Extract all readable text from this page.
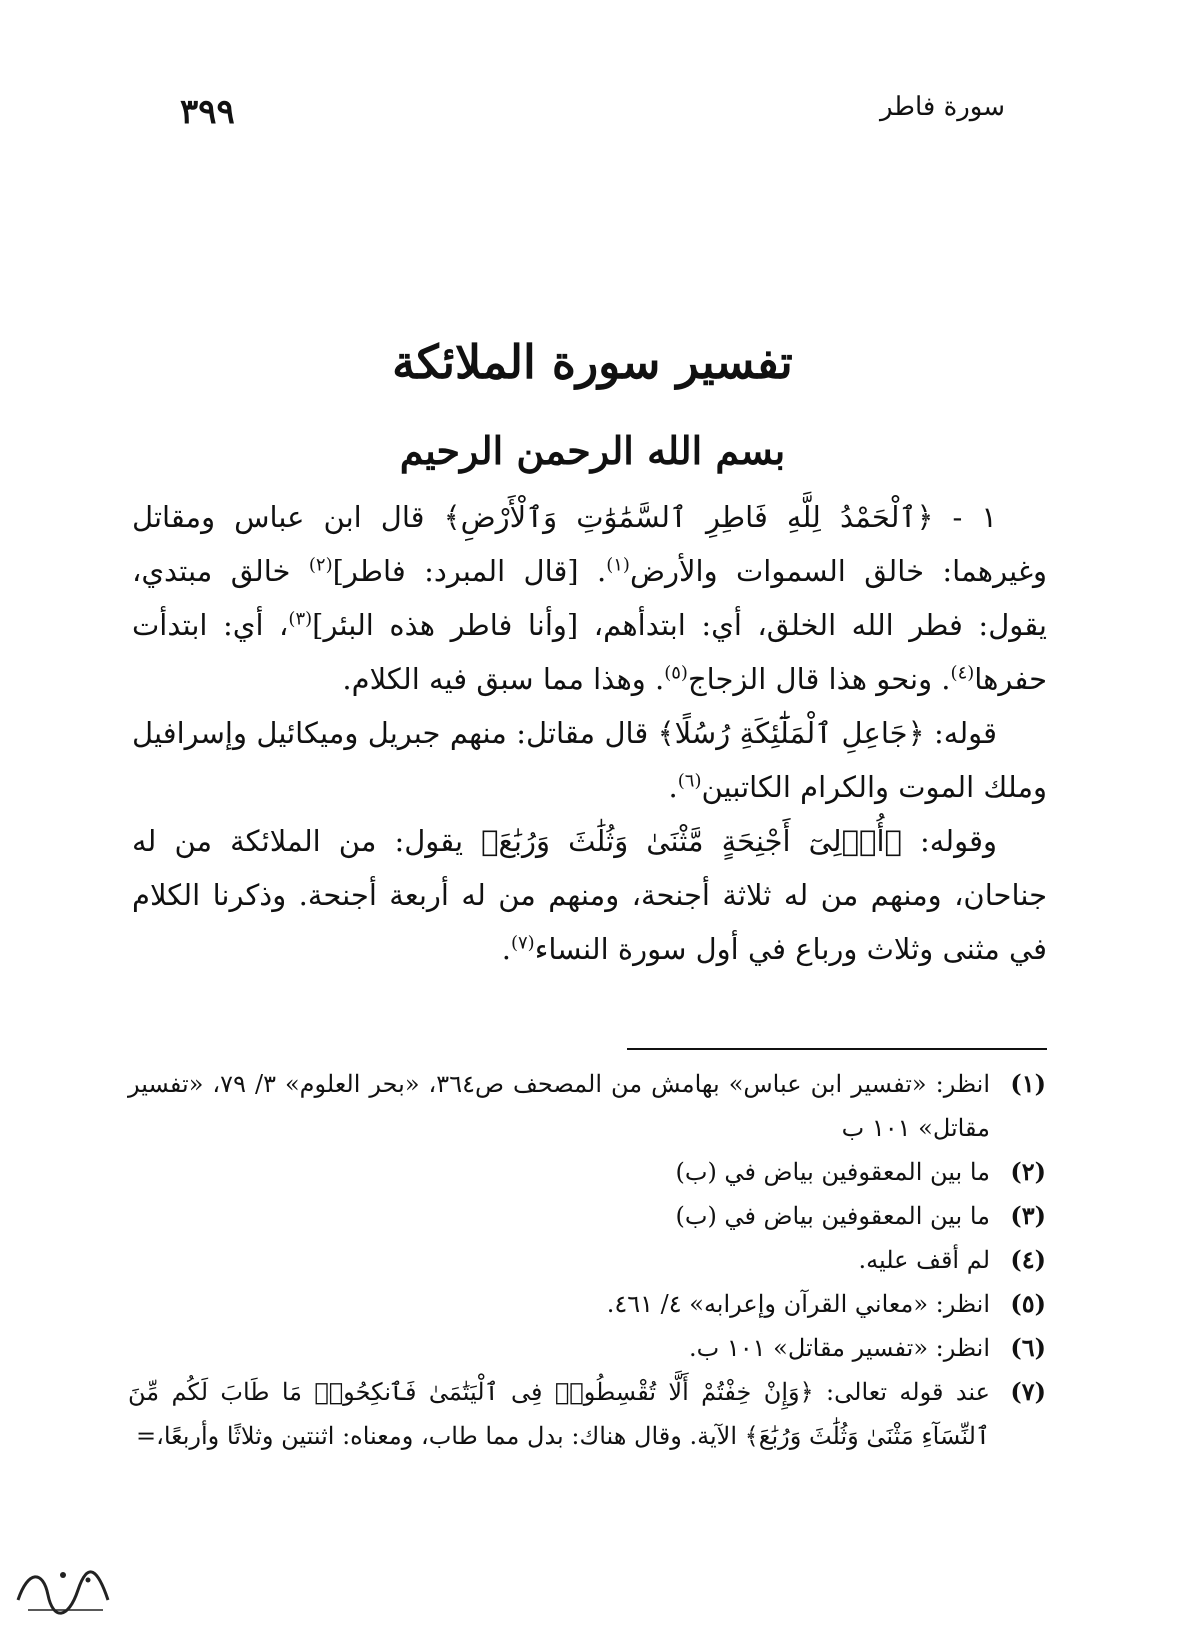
٣٩٩	سورة فاطر
تفسير سورة الملائكة
بسم الله الرحمن الرحيم

١ - ﴿ٱلْحَمْدُ لِلَّهِ فَاطِرِ ٱلسَّمَٰوَٰتِ وَٱلْأَرْضِ﴾ قال ابن عباس ومقاتل وغيرهما: خالق السموات والأرض$^{(١)}$. [قال المبرد: فاطر]$^{(٢)}$ خالق مبتدي، يقول: فطر الله الخلق، أي: ابتدأهم، [وأنا فاطر هذه البئر]$^{(٣)}$، أي: ابتدأت حفرها$^{(٤)}$. ونحو هذا قال الزجاج$^{(٥)}$. وهذا مما سبق فيه الكلام.

قوله: ﴿جَاعِلِ ٱلْمَلَٰٓئِكَةِ رُسُلًا﴾ قال مقاتل: منهم جبريل وميكائيل وإسرافيل وملك الموت والكرام الكاتبين$^{(٦)}$.

وقوله: ﴿أُو۟لِىٓ أَجْنِحَةٍ مَّثْنَىٰ وَثُلَٰثَ وَرُبَٰعَ﴾ يقول: من الملائكة من له جناحان، ومنهم من له ثلاثة أجنحة، ومنهم من له أربعة أجنحة. وذكرنا الكلام في مثنى وثلاث ورباع في أول سورة النساء$^{(٧)}$.

(١)
انظر: «تفسير ابن عباس» بهامش من المصحف ص٣٦٤، «بحر العلوم» ٣/ ٧٩، «تفسير مقاتل» ١٠١ ب
(٢)
ما بين المعقوفين بياض في (ب)
(٣)
ما بين المعقوفين بياض في (ب)
(٤)
لم أقف عليه.
(٥)
انظر: «معاني القرآن وإعرابه» ٤/ ٤٦١.
(٦)
انظر: «تفسير مقاتل» ١٠١ ب.
(٧)
عند قوله تعالى: ﴿وَإِنْ خِفْتُمْ أَلَّا تُقْسِطُوا۟ فِى ٱلْيَتَٰمَىٰ فَٱنكِحُوا۟ مَا طَابَ لَكُم مِّنَ ٱلنِّسَآءِ مَثْنَىٰ وَثُلَٰثَ وَرُبَٰعَ﴾ الآية. وقال هناك: بدل مما طاب، ومعناه: اثنتين وثلاثًا وأربعًا،=
